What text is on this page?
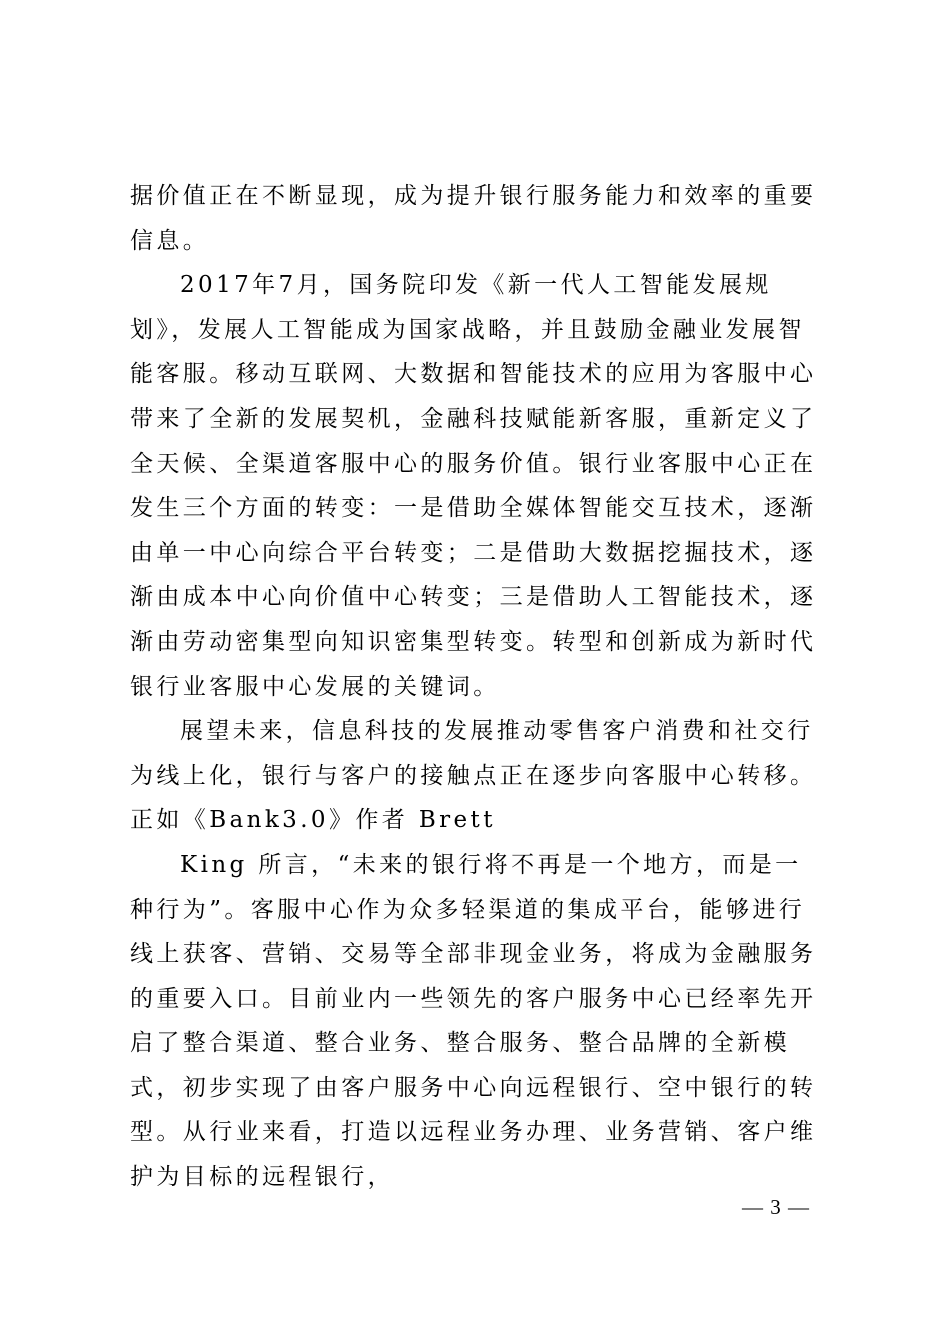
据价值正在不断显现，成为提升银行服务能力和效率的重要信息。

2017年7月，国务院印发《新一代人工智能发展规划》，发展人工智能成为国家战略，并且鼓励金融业发展智能客服。移动互联网、大数据和智能技术的应用为客服中心带来了全新的发展契机，金融科技赋能新客服，重新定义了全天候、全渠道客服中心的服务价值。银行业客服中心正在发生三个方面的转变：一是借助全媒体智能交互技术，逐渐由单一中心向综合平台转变；二是借助大数据挖掘技术，逐渐由成本中心向价值中心转变；三是借助人工智能技术，逐渐由劳动密集型向知识密集型转变。转型和创新成为新时代银行业客服中心发展的关键词。

展望未来，信息科技的发展推动零售客户消费和社交行为线上化，银行与客户的接触点正在逐步向客服中心转移。正如《Bank3.0》作者 Brett

King 所言，“未来的银行将不再是一个地方，而是一种行为”。客服中心作为众多轻渠道的集成平台，能够进行线上获客、营销、交易等全部非现金业务，将成为金融服务的重要入口。目前业内一些领先的客户服务中心已经率先开启了整合渠道、整合业务、整合服务、整合品牌的全新模式，初步实现了由客户服务中心向远程银行、空中银行的转型。从行业来看，打造以远程业务办理、业务营销、客户维护为目标的远程银行，

— 3 —
